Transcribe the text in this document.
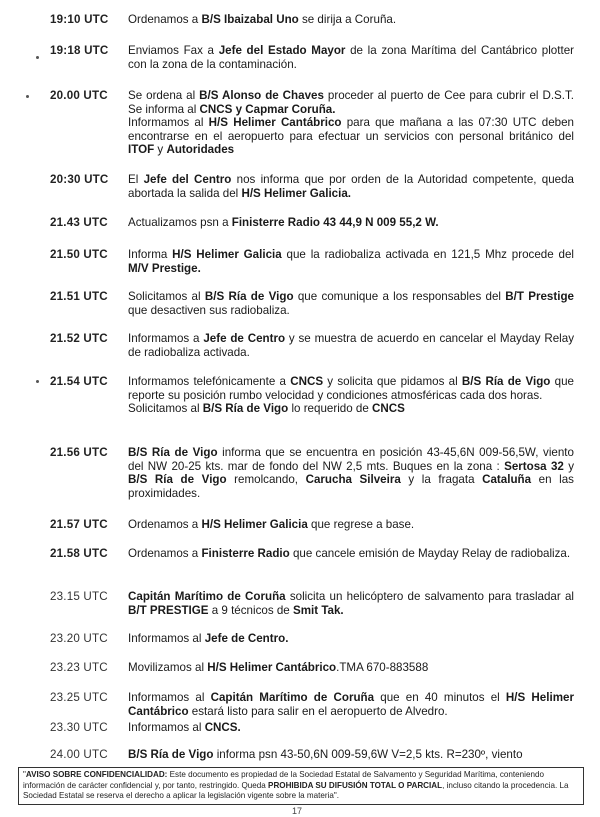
19:10 UTC	Ordenamos a B/S Ibaizabal Uno se dirija a Coruña.
19:18 UTC	Enviamos Fax a Jefe del Estado Mayor de la zona Marítima del Cantábrico plotter con la zona de la contaminación.
20.00 UTC	Se ordena al B/S Alonso de Chaves proceder al puerto de Cee para cubrir el D.S.T. Se informa al CNCS y Capmar Coruña.
Informamos al H/S Helimer Cantábrico para que mañana a las 07:30 UTC deben encontrarse en el aeropuerto para efectuar un servicios con personal británico del ITOF y Autoridades
20:30 UTC	El Jefe del Centro nos informa que por orden de la Autoridad competente, queda abortada la salida del H/S Helimer Galicia.
21.43 UTC	Actualizamos psn a Finisterre Radio 43 44,9 N 009 55,2 W.
21.50 UTC	Informa H/S Helimer Galicia que la radiobaliza activada en 121,5 Mhz procede del M/V Prestige.
21.51 UTC	Solicitamos al B/S Ría de Vigo que comunique a los responsables del B/T Prestige que desactiven sus radiobaliza.
21.52 UTC	Informamos a Jefe de Centro y se muestra de acuerdo en cancelar el Mayday Relay de radiobaliza activada.
21.54 UTC	Informamos telefónicamente a CNCS y solicita que pidamos al B/S Ría de Vigo que reporte su posición rumbo velocidad y condiciones atmosféricas cada dos horas.
Solicitamos al B/S Ría de Vigo lo requerido de CNCS
21.56 UTC	B/S Ría de Vigo informa que se encuentra en posición 43-45,6N 009-56,5W, viento del NW 20-25 kts. mar de fondo del NW 2,5 mts. Buques en la zona : Sertosa 32 y B/S Ría de Vigo remolcando, Carucha Silveira y la fragata Cataluña en las proximidades.
21.57 UTC	Ordenamos a H/S Helimer Galicia que regrese a base.
21.58 UTC	Ordenamos a Finisterre Radio que cancele emisión de Mayday Relay de radiobaliza.
23.15 UTC	Capitán Marítimo de Coruña solicita un helicóptero de salvamento para trasladar al B/T PRESTIGE a 9 técnicos de Smit Tak.
23.20 UTC	Informamos al Jefe de Centro.
23.23 UTC	Movilizamos al H/S Helimer Cantábrico.TMA 670-883588
23.25 UTC	Informamos al Capitán Marítimo de Coruña que en 40 minutos el H/S Helimer Cantábrico estará listo para salir en el aeropuerto de Alvedro.
23.30 UTC	Informamos al CNCS.
24.00 UTC	B/S Ría de Vigo informa psn 43-50,6N 009-59,6W V=2,5 kts. R=230º, viento
"AVISO SOBRE CONFIDENCIALIDAD: Este documento es propiedad de la Sociedad Estatal de Salvamento y Seguridad Marítima, conteniendo información de carácter confidencial y, por tanto, restringido. Queda PROHIBIDA SU DIFUSIÓN TOTAL O PARCIAL, incluso citando la procedencia. La Sociedad Estatal se reserva el derecho a aplicar la legislación vigente sobre la materia".
17
